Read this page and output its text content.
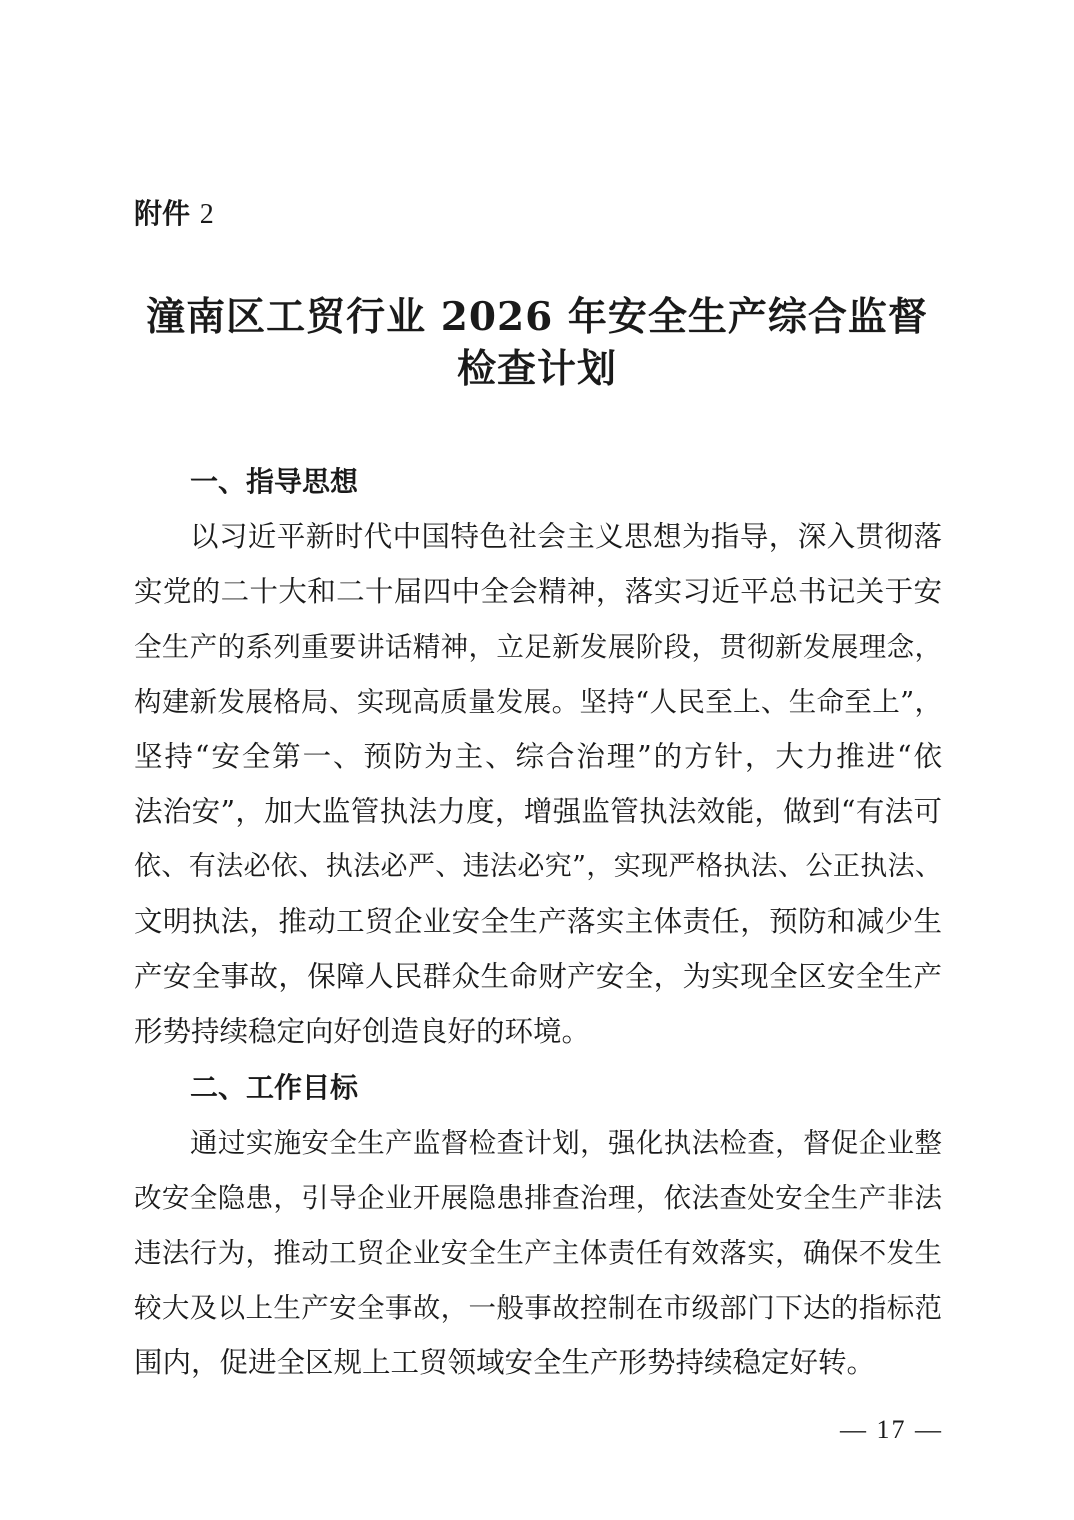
附件 2
潼南区工贸行业 2026 年安全生产综合监督
检查计划
一、指导思想
以习近平新时代中国特色社会主义思想为指导，深入贯彻落
实党的二十大和二十届四中全会精神，落实习近平总书记关于安
全生产的系列重要讲话精神，立足新发展阶段，贯彻新发展理念，
构建新发展格局、实现高质量发展。坚持“人民至上、生命至上”，
坚持“安全第一、预防为主、综合治理”的方针，大力推进“依
法治安”，加大监管执法力度，增强监管执法效能，做到“有法可
依、有法必依、执法必严、违法必究”，实现严格执法、公正执法、
文明执法，推动工贸企业安全生产落实主体责任，预防和减少生
产安全事故，保障人民群众生命财产安全，为实现全区安全生产
形势持续稳定向好创造良好的环境。
二、工作目标
通过实施安全生产监督检查计划，强化执法检查，督促企业整
改安全隐患，引导企业开展隐患排查治理，依法查处安全生产非法
违法行为，推动工贸企业安全生产主体责任有效落实，确保不发生
较大及以上生产安全事故，一般事故控制在市级部门下达的指标范
围内，促进全区规上工贸领域安全生产形势持续稳定好转。
— 17 —
